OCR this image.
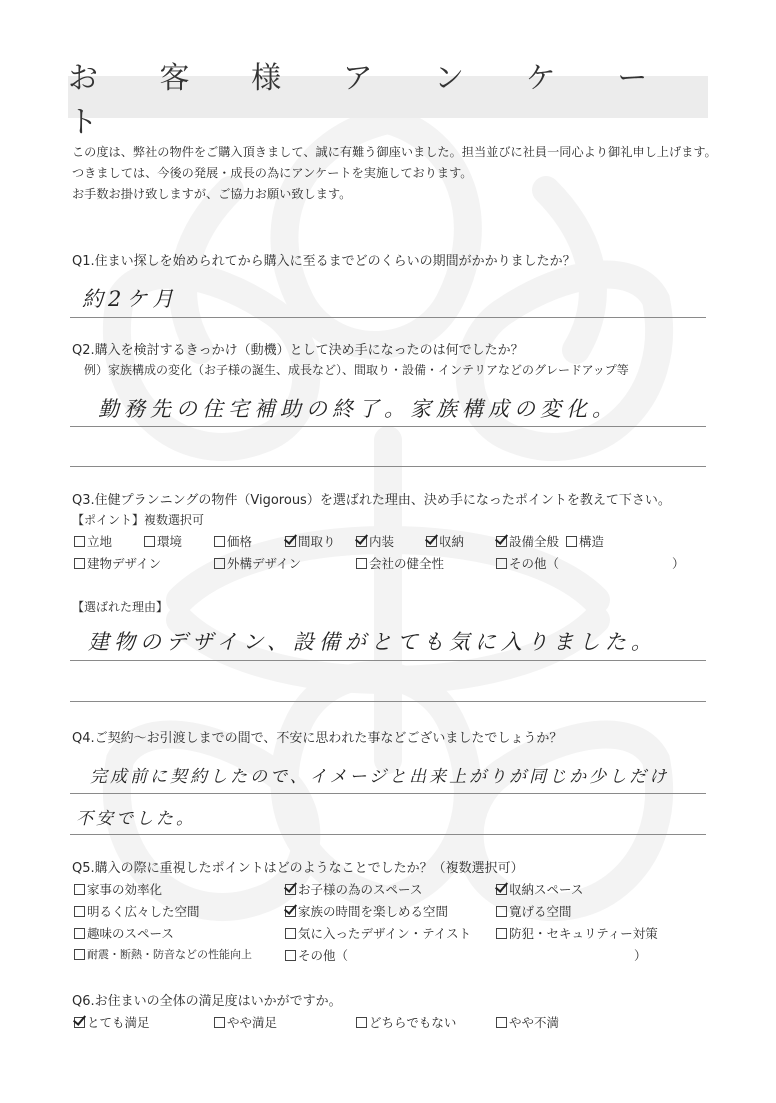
お 客 様 ア ン ケ ー ト
この度は、弊社の物件をご購入頂きまして、誠に有難う御座いました。担当並びに社員一同心より御礼申し上げます。
つきましては、今後の発展・成長の為にアンケートを実施しております。
お手数お掛け致しますが、ご協力お願い致します。
Q1.住まい探しを始められてから購入に至るまでどのくらいの期間がかかりましたか？
約2ケ月
Q2.購入を検討するきっかけ（動機）として決め手になったのは何でしたか？
例）家族構成の変化（お子様の誕生、成長など）、間取り・設備・インテリアなどのグレードアップ等
勤務先の住宅補助の終了。家族構成の変化。
Q3.住健プランニングの物件（Vigorous）を選ばれた理由、決め手になったポイントを教えて下さい。
【ポイント】複数選択可
立地	環境	価格	間取り	内装	収納	設備全般 構造
建物デザイン	外構デザイン	会社の健全性	その他（	）
【選ばれた理由】
建物のデザイン、設備がとても気に入りました。
Q4.ご契約～お引渡しまでの間で、不安に思われた事などございましたでしょうか？
完成前に契約したので、イメージと出来上がりが同じか少しだけ
不安でした。
Q5.購入の際に重視したポイントはどのようなことでしたか？（複数選択可）
家事の効率化	お子様の為のスペース	収納スペース
明るく広々した空間	家族の時間を楽しめる空間	寛げる空間
趣味のスペース	気に入ったデザイン・テイスト	防犯・セキュリティー対策
耐震・断熱・防音などの性能向上	その他（	）
Q6.お住まいの全体の満足度はいかがですか。
とても満足	やや満足	どちらでもない	やや不満
